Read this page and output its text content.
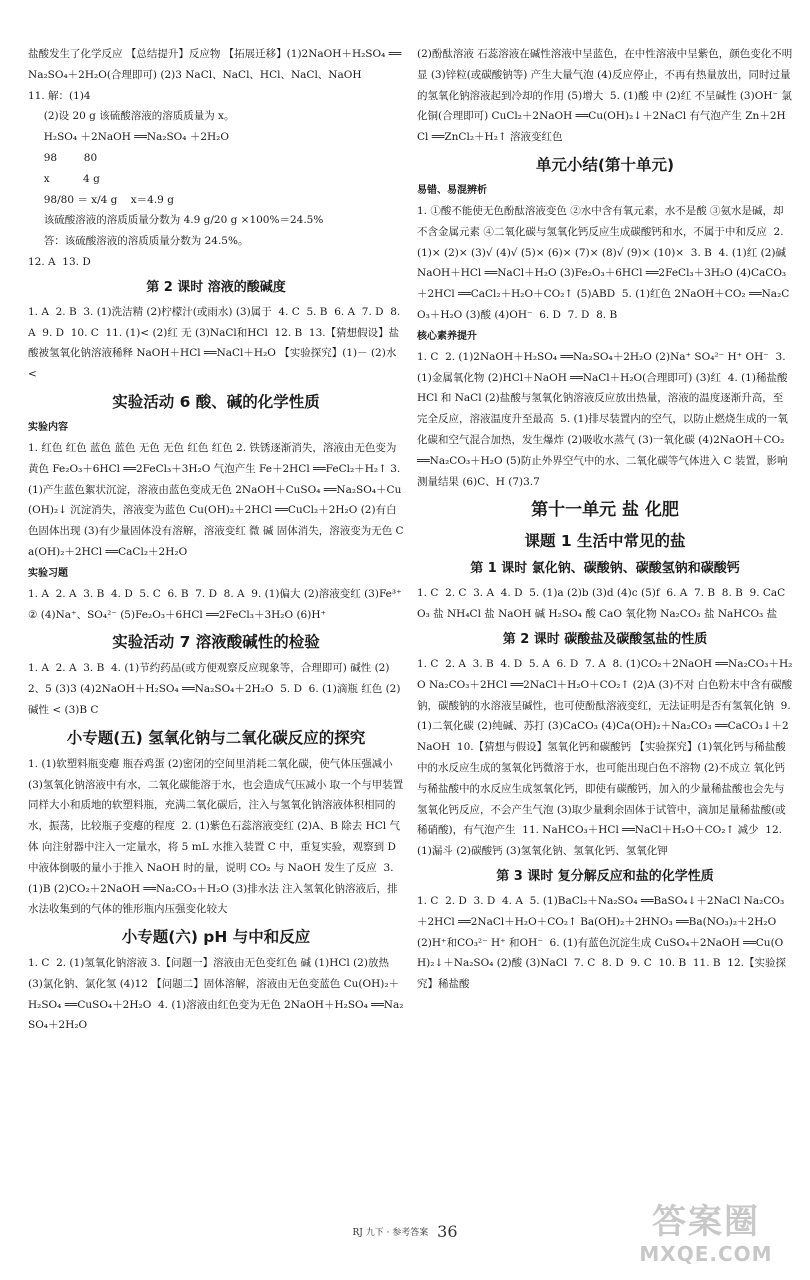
盐酸发生了化学反应 【总结提升】反应物 【拓展迁移】(1)2NaOH＋H₂SO₄ ══Na₂SO₄＋2H₂O(合理即可) (2)3 NaCl、NaCl、HCl、NaCl、NaOH

11. 解：(1)4

(2)设 20 g 该硫酸溶液的溶质质量为 x。

H₂SO₄ ＋2NaOH ══Na₂SO₄ ＋2H₂O

98        80

x          4 g

98/80 ＝ x/4 g    x＝4.9 g

该硫酸溶液的溶质质量分数为 4.9 g/20 g ×100%＝24.5%

答：该硫酸溶液的溶质质量分数为 24.5%。

12. A  13. D

第 2 课时 溶液的酸碱度

1. A  2. B  3. (1)洗洁精 (2)柠檬汁(或雨水) (3)属于  4. C  5. B  6. A  7. D  8. A  9. D  10. C  11. (1)< (2)红 无 (3)NaCl和HCl  12. B  13.【猜想假设】盐酸被氢氧化钠溶液稀释 NaOH＋HCl ══NaCl＋H₂O 【实验探究】(1)－ (2)水 <

实验活动 6 酸、碱的化学性质
实验内容

1. 红色 红色 蓝色 蓝色 无色 无色 红色 红色 2. 铁锈逐渐消失，溶液由无色变为黄色 Fe₂O₃＋6HCl ══2FeCl₃＋3H₂O 气泡产生 Fe＋2HCl ══FeCl₂＋H₂↑ 3. (1)产生蓝色絮状沉淀，溶液由蓝色变成无色 2NaOH＋CuSO₄ ══Na₂SO₄＋Cu(OH)₂↓ 沉淀消失，溶液变为蓝色 Cu(OH)₂＋2HCl ══CuCl₂＋2H₂O (2)有白色固体出现 (3)有少量固体没有溶解，溶液变红 微 碱 固体消失，溶液变为无色 Ca(OH)₂＋2HCl ══CaCl₂＋2H₂O

实验习题

1. A  2. A  3. B  4. D  5. C  6. B  7. D  8. A  9. (1)偏大 (2)溶液变红 (3)Fe³⁺ ② (4)Na⁺、SO₄²⁻ (5)Fe₂O₃＋6HCl ══2FeCl₃＋3H₂O (6)H⁺

实验活动 7 溶液酸碱性的检验

1. A  2. A  3. B  4. (1)节约药品(或方便观察反应现象等，合理即可) 碱性 (2)2、5 (3)3 (4)2NaOH＋H₂SO₄ ══Na₂SO₄＋2H₂O  5. D  6. (1)滴瓶 红色 (2)碱性 < (3)B C

小专题(五) 氢氧化钠与二氧化碳反应的探究

1. (1)软塑料瓶变瘪 瓶吞鸡蛋 (2)密闭的空间里消耗二氧化碳，使气体压强减小 (3)氢氧化钠溶液中有水，二氧化碳能溶于水，也会造成气压减小 取一个与甲装置同样大小和质地的软塑料瓶，充满二氧化碳后，注入与氢氧化钠溶液体积相同的水，振荡，比较瓶子变瘪的程度  2. (1)紫色石蕊溶液变红 (2)A、B 除去 HCl 气体 向注射器中注入一定量水，将 5 mL 水推入装置 C 中，重复实验，观察到 D 中液体倒吸的量小于推入 NaOH 时的量，说明 CO₂ 与 NaOH 发生了反应  3. (1)B (2)CO₂＋2NaOH ══Na₂CO₃＋H₂O (3)排水法 注入氢氧化钠溶液后，排水法收集到的气体的锥形瓶内压强变化较大

小专题(六) pH 与中和反应

1. C  2. (1)氢氧化钠溶液 3.【问题一】溶液由无色变红色 碱 (1)HCl (2)放热 (3)氯化钠、氯化氢 (4)12 【问题二】固体溶解，溶液由无色变蓝色 Cu(OH)₂＋H₂SO₄ ══CuSO₄＋2H₂O  4. (1)溶液由红色变为无色 2NaOH＋H₂SO₄ ══Na₂SO₄＋2H₂O

(2)酚酞溶液 石蕊溶液在碱性溶液中呈蓝色，在中性溶液中呈紫色，颜色变化不明显 (3)锌粒(或碳酸钠等) 产生大量气泡 (4)反应停止，不再有热量放出，同时过量的氢氧化钠溶液起到冷却的作用 (5)增大  5. (1)酸 中 (2)红 不呈碱性 (3)OH⁻ 氯化铜(合理即可) CuCl₂＋2NaOH ══Cu(OH)₂↓＋2NaCl 有气泡产生 Zn＋2HCl ══ZnCl₂＋H₂↑ 溶液变红色

单元小结(第十单元)
易错、易混辨析

1. ①酸不能使无色酚酞溶液变色 ②水中含有氧元素，水不是酸 ③氨水是碱，却不含金属元素 ④二氧化碳与氢氧化钙反应生成碳酸钙和水，不属于中和反应  2. (1)× (2)× (3)√ (4)√ (5)× (6)× (7)× (8)√ (9)× (10)×  3. B  4. (1)红 (2)碱 NaOH＋HCl ══NaCl＋H₂O (3)Fe₂O₃＋6HCl ══2FeCl₃＋3H₂O (4)CaCO₃＋2HCl ══CaCl₂＋H₂O＋CO₂↑ (5)ABD  5. (1)红色 2NaOH＋CO₂ ══Na₂CO₃＋H₂O (3)酸 (4)OH⁻  6. D  7. D  8. B

核心素养提升

1. C  2. (1)2NaOH＋H₂SO₄ ══Na₂SO₄＋2H₂O (2)Na⁺ SO₄²⁻ H⁺ OH⁻  3. (1)金属氧化物 (2)HCl＋NaOH ══NaCl＋H₂O(合理即可) (3)红  4. (1)稀盐酸 HCl 和 NaCl (2)盐酸与氢氧化钠溶液反应放出热量，溶液的温度逐渐升高，至完全反应，溶液温度升至最高  5. (1)排尽装置内的空气，以防止燃烧生成的一氧化碳和空气混合加热，发生爆炸 (2)吸收水蒸气 (3)一氧化碳 (4)2NaOH＋CO₂ ══Na₂CO₃＋H₂O (5)防止外界空气中的水、二氧化碳等气体进入 C 装置，影响测量结果 (6)C、H (7)3.7

第十一单元 盐 化肥
课题 1 生活中常见的盐
第 1 课时 氯化钠、碳酸钠、碳酸氢钠和碳酸钙

1. C  2. C  3. A  4. D  5. (1)a (2)b (3)d (4)c (5)f  6. A  7. B  8. B  9. CaCO₃ 盐 NH₄Cl 盐 NaOH 碱 H₂SO₄ 酸 CaO 氧化物 Na₂CO₃ 盐 NaHCO₃ 盐

第 2 课时 碳酸盐及碳酸氢盐的性质

1. C  2. A  3. B  4. D  5. A  6. D  7. A  8. (1)CO₂＋2NaOH ══Na₂CO₃＋H₂O Na₂CO₃＋2HCl ══2NaCl＋H₂O＋CO₂↑ (2)A (3)不对 白色粉末中含有碳酸钠，碳酸钠的水溶液呈碱性，也可使酚酞溶液变红，无法证明是否有氢氧化钠  9. (1)二氧化碳 (2)纯碱、苏打 (3)CaCO₃ (4)Ca(OH)₂＋Na₂CO₃ ══CaCO₃↓＋2NaOH  10.【猜想与假设】氢氧化钙和碳酸钙 【实验探究】(1)氧化钙与稀盐酸中的水反应生成的氢氧化钙微溶于水，也可能出现白色不溶物 (2)不成立 氧化钙与稀盐酸中的水反应生成氢氧化钙，即使有碳酸钙，加入的少量稀盐酸也会先与氢氧化钙反应，不会产生气泡 (3)取少量剩余固体于试管中，滴加足量稀盐酸(或稀硝酸)，有气泡产生  11. NaHCO₃＋HCl ══NaCl＋H₂O＋CO₂↑ 减少  12. (1)漏斗 (2)碳酸钙 (3)氢氧化钠、氢氧化钙、氢氧化钾

第 3 课时 复分解反应和盐的化学性质

1. C  2. D  3. D  4. A  5. (1)BaCl₂＋Na₂SO₄ ══BaSO₄↓＋2NaCl Na₂CO₃＋2HCl ══2NaCl＋H₂O＋CO₂↑ Ba(OH)₂＋2HNO₃ ══Ba(NO₃)₂＋2H₂O (2)H⁺和CO₃²⁻ H⁺ 和OH⁻  6. (1)有蓝色沉淀生成 CuSO₄＋2NaOH ══Cu(OH)₂↓＋Na₂SO₄ (2)酸 (3)NaCl  7. C  8. D  9. C  10. B  11. B  12.【实验探究】稀盐酸

RJ 九下 · 参考答案 36	答案圈
MXQE.COM
